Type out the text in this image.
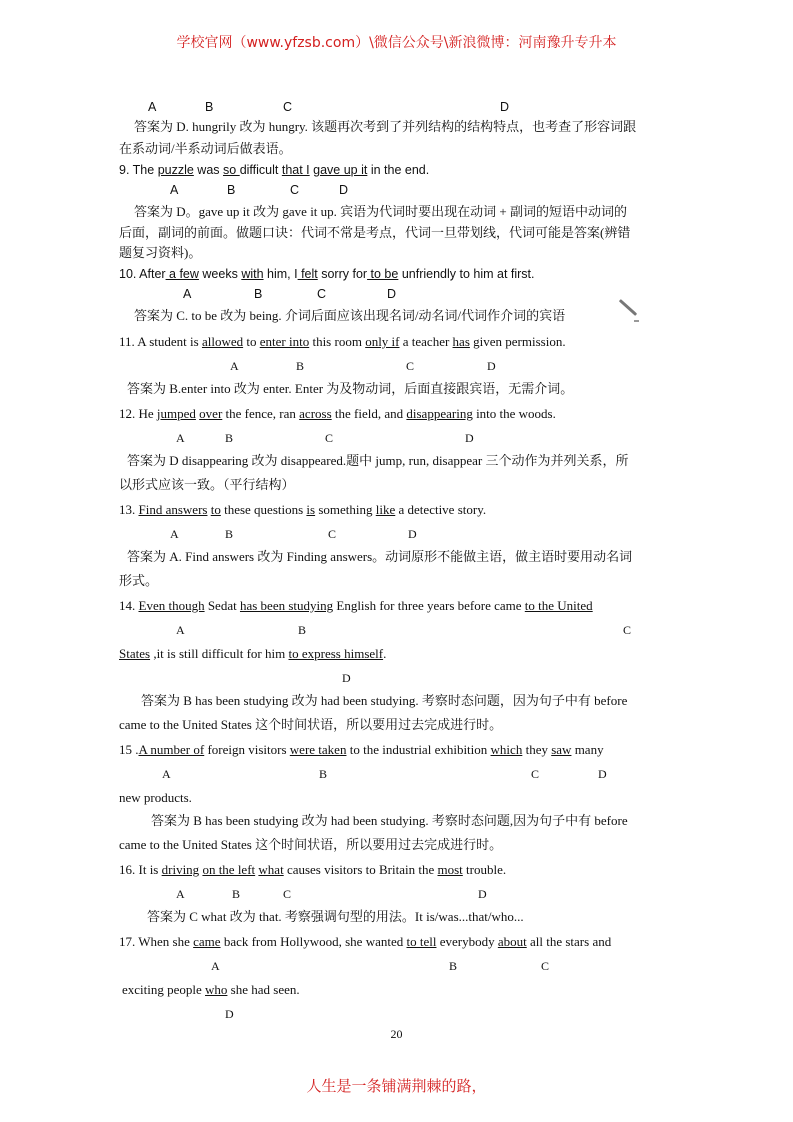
学校官网（www.yfzsb.com）\微信公众号\新浪微博：河南豫升专升本
A	B	C	D
答案为 D. hungrily 改为 hungry. 该题再次考到了并列结构的结构特点，也考查了形容词跟
在系动词/半系动词后做表语。
9. The puzzle was so difficult that I gave up it in the end.
A	B	C	D
答案为 D。gave up it 改为 gave it up. 宾语为代词时要出现在动词 + 副词的短语中动词的
后面，副词的前面。做题口诀：代词不常是考点，代词一旦带划线，代词可能是答案(辨错
题复习资料)。
10. After a few weeks with him, I felt sorry for to be unfriendly to him at first.
A	B	C	D
答案为 C. to be 改为 being. 介词后面应该出现名词/动名词/代词作介词的宾语
11. A student is allowed to enter into this room only if a teacher has given permission.
A	B	C	D
答案为 B.enter into 改为 enter. Enter 为及物动词，后面直接跟宾语，无需介词。
12. He jumped over the fence, ran across the field, and disappearing into the woods.
A	B	C	D
答案为 D disappearing 改为 disappeared.题中 jump, run, disappear 三个动作为并列关系，所
以形式应该一致。（平行结构）
13. Find answers to these questions is something like a detective story.
A	B	C	D
答案为 A. Find answers 改为 Finding answers。动词原形不能做主语，做主语时要用动名词
形式。
14. Even though Sedat has been studying English for three years before came to the United
A	B	C
States ,it is still difficult for him to express himself.
D
答案为 B has been studying 改为 had been studying. 考察时态问题，因为句子中有 before
came to the United States 这个时间状语，所以要用过去完成进行时。
15 .A number of foreign visitors were taken to the industrial exhibition which they saw many
A	B	C	D
new products.
答案为 B has been studying 改为 had been studying. 考察时态问题,因为句子中有 before
came to the United States 这个时间状语，所以要用过去完成进行时。
16. It is driving on the left what causes visitors to Britain the most trouble.
A	B	C	D
答案为 C what 改为 that. 考察强调句型的用法。It is/was...that/who...
17. When she came back from Hollywood, she wanted to tell everybody about all the stars and
A	B	C
exciting people who she had seen.
D
20
人生是一条铺满荆棘的路，
